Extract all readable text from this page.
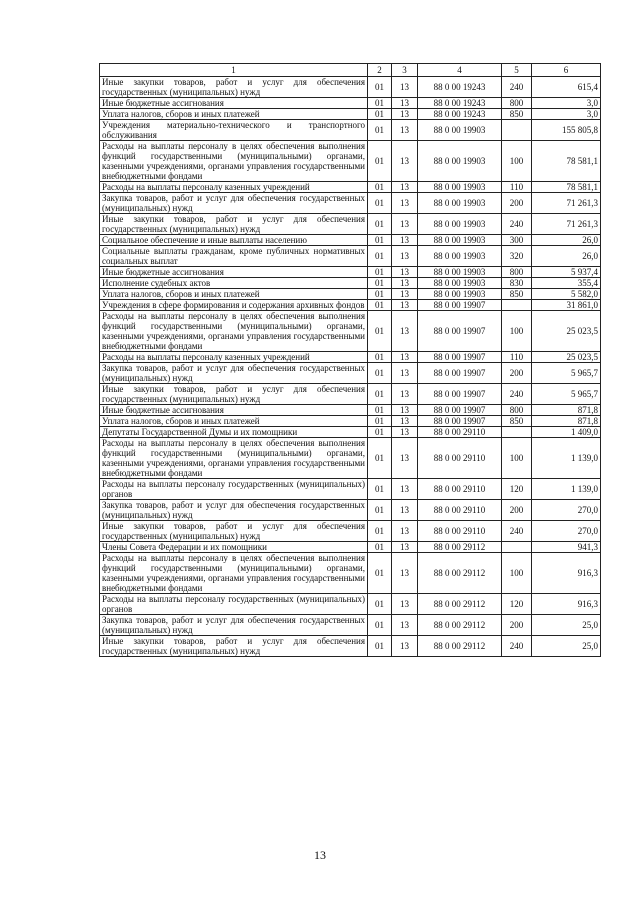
1	2	3	4	5	6
Иные закупки товаров, работ и услуг для обеспечения государственных (муниципальных) нужд	01	13	88 0 00 19243	240	615,4
Иные бюджетные ассигнования	01	13	88 0 00 19243	800	3,0
Уплата налогов, сборов и иных платежей	01	13	88 0 00 19243	850	3,0
Учреждения материально-технического и транспортного обслуживания	01	13	88 0 00 19903		155 805,8
Расходы на выплаты персоналу в целях обеспечения выполнения функций государственными (муниципальными) органами, казенными учреждениями, органами управления государственными внебюджетными фондами	01	13	88 0 00 19903	100	78 581,1
Расходы на выплаты персоналу казенных учреждений	01	13	88 0 00 19903	110	78 581,1
Закупка товаров, работ и услуг для обеспечения государственных (муниципальных) нужд	01	13	88 0 00 19903	200	71 261,3
Иные закупки товаров, работ и услуг для обеспечения государственных (муниципальных) нужд	01	13	88 0 00 19903	240	71 261,3
Социальное обеспечение и иные выплаты населению	01	13	88 0 00 19903	300	26,0
Социальные выплаты гражданам, кроме публичных нормативных социальных выплат	01	13	88 0 00 19903	320	26,0
Иные бюджетные ассигнования	01	13	88 0 00 19903	800	5 937,4
Исполнение судебных актов	01	13	88 0 00 19903	830	355,4
Уплата налогов, сборов и иных платежей	01	13	88 0 00 19903	850	5 582,0
Учреждения в сфере формирования и содержания архивных фондов	01	13	88 0 00 19907		31 861,0
Расходы на выплаты персоналу в целях обеспечения выполнения функций государственными (муниципальными) органами, казенными учреждениями, органами управления государственными внебюджетными фондами	01	13	88 0 00 19907	100	25 023,5
Расходы на выплаты персоналу казенных учреждений	01	13	88 0 00 19907	110	25 023,5
Закупка товаров, работ и услуг для обеспечения государственных (муниципальных) нужд	01	13	88 0 00 19907	200	5 965,7
Иные закупки товаров, работ и услуг для обеспечения государственных (муниципальных) нужд	01	13	88 0 00 19907	240	5 965,7
Иные бюджетные ассигнования	01	13	88 0 00 19907	800	871,8
Уплата налогов, сборов и иных платежей	01	13	88 0 00 19907	850	871,8
Депутаты Государственной Думы и их помощники	01	13	88 0 00 29110		1 409,0
Расходы на выплаты персоналу в целях обеспечения выполнения функций государственными (муниципальными) органами, казенными учреждениями, органами управления государственными внебюджетными фондами	01	13	88 0 00 29110	100	1 139,0
Расходы на выплаты персоналу государственных (муниципальных) органов	01	13	88 0 00 29110	120	1 139,0
Закупка товаров, работ и услуг для обеспечения государственных (муниципальных) нужд	01	13	88 0 00 29110	200	270,0
Иные закупки товаров, работ и услуг для обеспечения государственных (муниципальных) нужд	01	13	88 0 00 29110	240	270,0
Члены Совета Федерации и их помощники	01	13	88 0 00 29112		941,3
Расходы на выплаты персоналу в целях обеспечения выполнения функций государственными (муниципальными) органами, казенными учреждениями, органами управления государственными внебюджетными фондами	01	13	88 0 00 29112	100	916,3
Расходы на выплаты персоналу государственных (муниципальных) органов	01	13	88 0 00 29112	120	916,3
Закупка товаров, работ и услуг для обеспечения государственных (муниципальных) нужд	01	13	88 0 00 29112	200	25,0
Иные закупки товаров, работ и услуг для обеспечения государственных (муниципальных) нужд	01	13	88 0 00 29112	240	25,0
13
